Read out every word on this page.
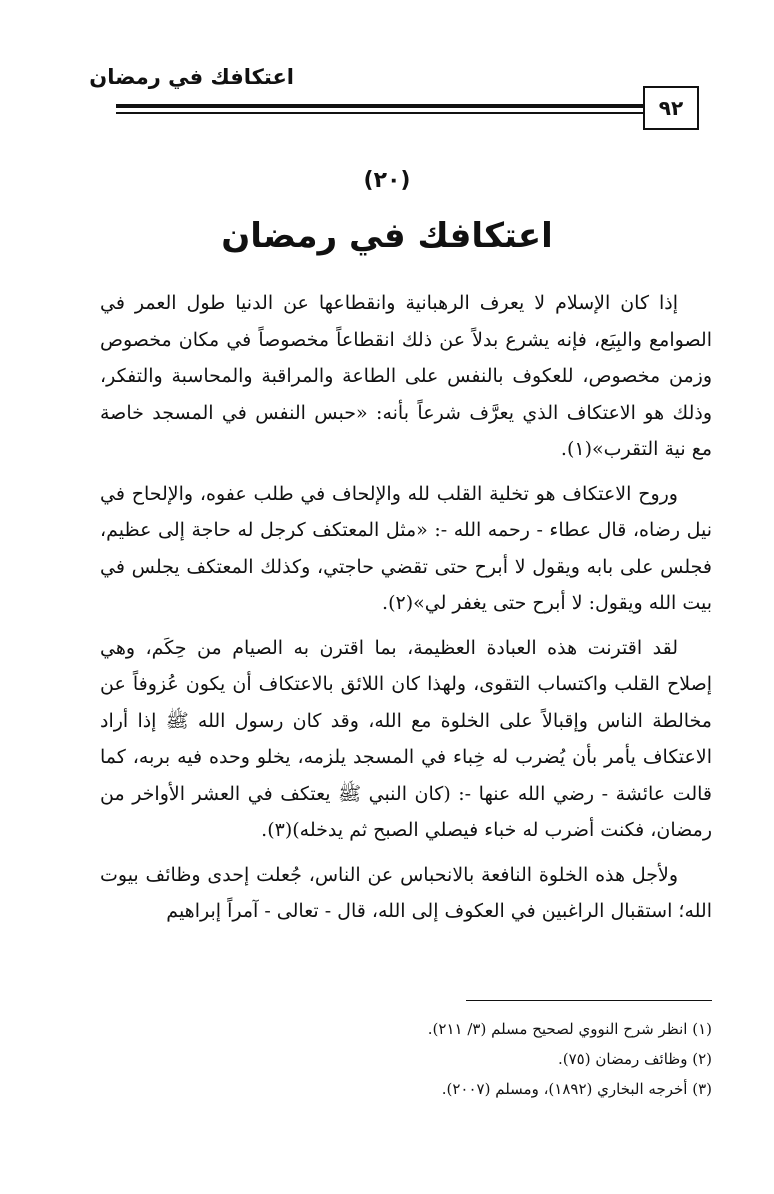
اعتكافك في رمضان
٩٢
(٢٠)
اعتكافك في رمضان

إذا كان الإسلام لا يعرف الرهبانية وانقطاعها عن الدنيا طول العمر في الصوامع والبِيَع، فإنه يشرع بدلاً عن ذلك انقطاعاً مخصوصاً في مكان مخصوص وزمن مخصوص، للعكوف بالنفس على الطاعة والمراقبة والمحاسبة والتفكر، وذلك هو الاعتكاف الذي يعرَّف شرعاً بأنه: «حبس النفس في المسجد خاصة مع نية التقرب»(١).

وروح الاعتكاف هو تخلية القلب لله والإلحاف في طلب عفوه، والإلحاح في نيل رضاه، قال عطاء - رحمه الله -: «مثل المعتكف كرجل له حاجة إلى عظيم، فجلس على بابه ويقول لا أبرح حتى تقضي حاجتي، وكذلك المعتكف يجلس في بيت الله ويقول: لا أبرح حتى يغفر لي»(٢).

لقد اقترنت هذه العبادة العظيمة، بما اقترن به الصيام من حِكَم، وهي إصلاح القلب واكتساب التقوى، ولهذا كان اللائق بالاعتكاف أن يكون عُزوفاً عن مخالطة الناس وإقبالاً على الخلوة مع الله، وقد كان رسول الله ﷺ إذا أراد الاعتكاف يأمر بأن يُضرب له خِباء في المسجد يلزمه، يخلو وحده فيه بربه، كما قالت عائشة - رضي الله عنها -: (كان النبي ﷺ يعتكف في العشر الأواخر من رمضان، فكنت أضرب له خباء فيصلي الصبح ثم يدخله)(٣).

ولأجل هذه الخلوة النافعة بالانحباس عن الناس، جُعلت إحدى وظائف بيوت الله؛ استقبال الراغبين في العكوف إلى الله، قال - تعالى - آمراً إبراهيم

(١) انظر شرح النووي لصحيح مسلم (٣/ ٢١١).
(٢) وظائف رمضان (٧٥).
(٣) أخرجه البخاري (١٨٩٢)، ومسلم (٢٠٠٧).
